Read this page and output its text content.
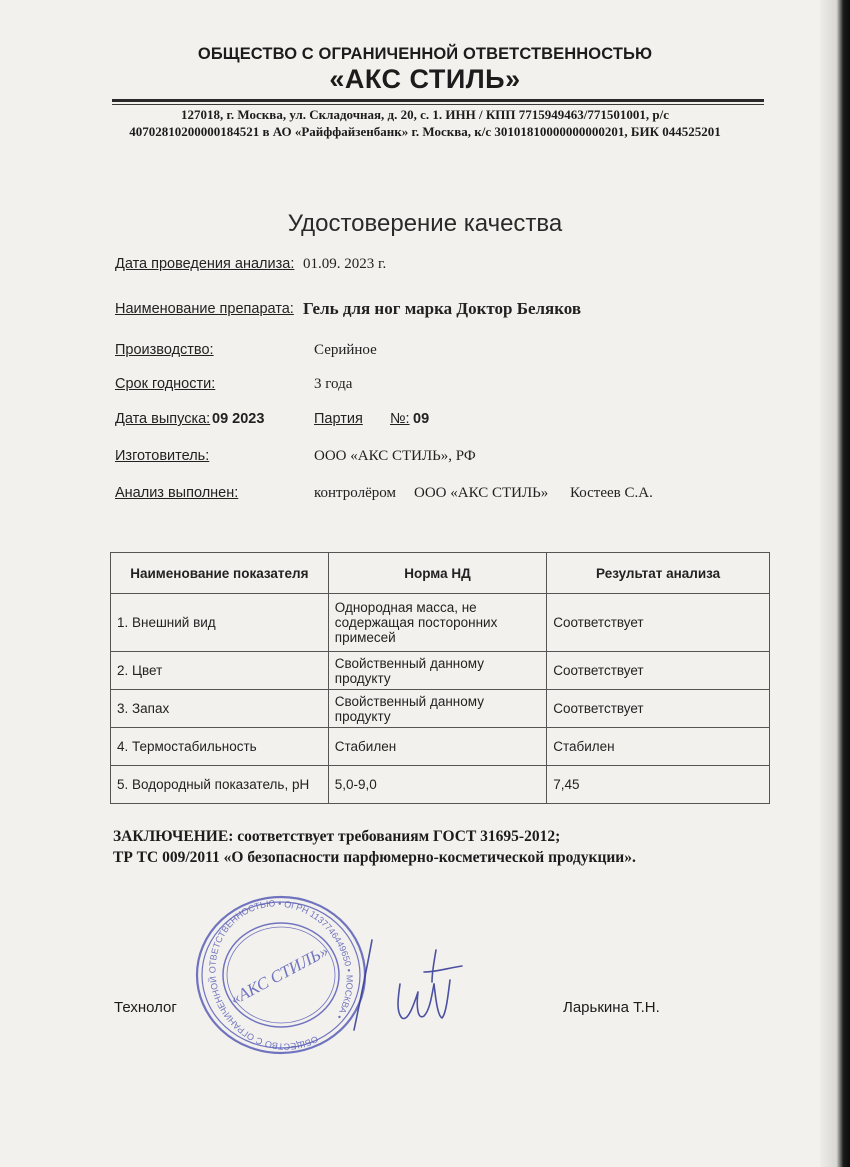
ОБЩЕСТВО С ОГРАНИЧЕННОЙ ОТВЕТСТВЕННОСТЬЮ
«АКС СТИЛЬ»
127018, г. Москва, ул. Складочная, д. 20, с. 1. ИНН / КПП 7715949463/771501001, р/с
40702810200000184521 в АО «Райффайзенбанк» г. Москва, к/с 30101810000000000201, БИК 044525201
Удостоверение качества
Дата проведения анализа: 01.09. 2023 г.
Наименование препарата: Гель для ног марка Доктор Беляков
Производство:	Серийное
Срок годности:	3 года
Дата выпуска: 09 2023	Партия №: 09
Изготовитель:	ООО «АКС СТИЛЬ», РФ
Анализ выполнен:	контролёром ООО «АКС СТИЛЬ» Костеев С.А.
Наименование показателя	Норма НД	Результат анализа
1. Внешний вид	Однородная масса, не содержащая посторонних примесей	Соответствует
2. Цвет	Свойственный данному продукту	Соответствует
3. Запах	Свойственный данному продукту	Соответствует
4. Термостабильность	Стабилен	Стабилен
5. Водородный показатель, pH	5,0-9,0	7,45
ЗАКЛЮЧЕНИЕ: соответствует требованиям ГОСТ 31695-2012;
ТР ТС 009/2011 «О безопасности парфюмерно-косметической продукции».
ОБЩЕСТВО С ОГРАНИЧЕННОЙ ОТВЕТСТВЕННОСТЬЮ • ОГРН 1137746449650 • МОСКВА •
«АКС СТИЛЬ»
Технолог	Ларькина Т.Н.
